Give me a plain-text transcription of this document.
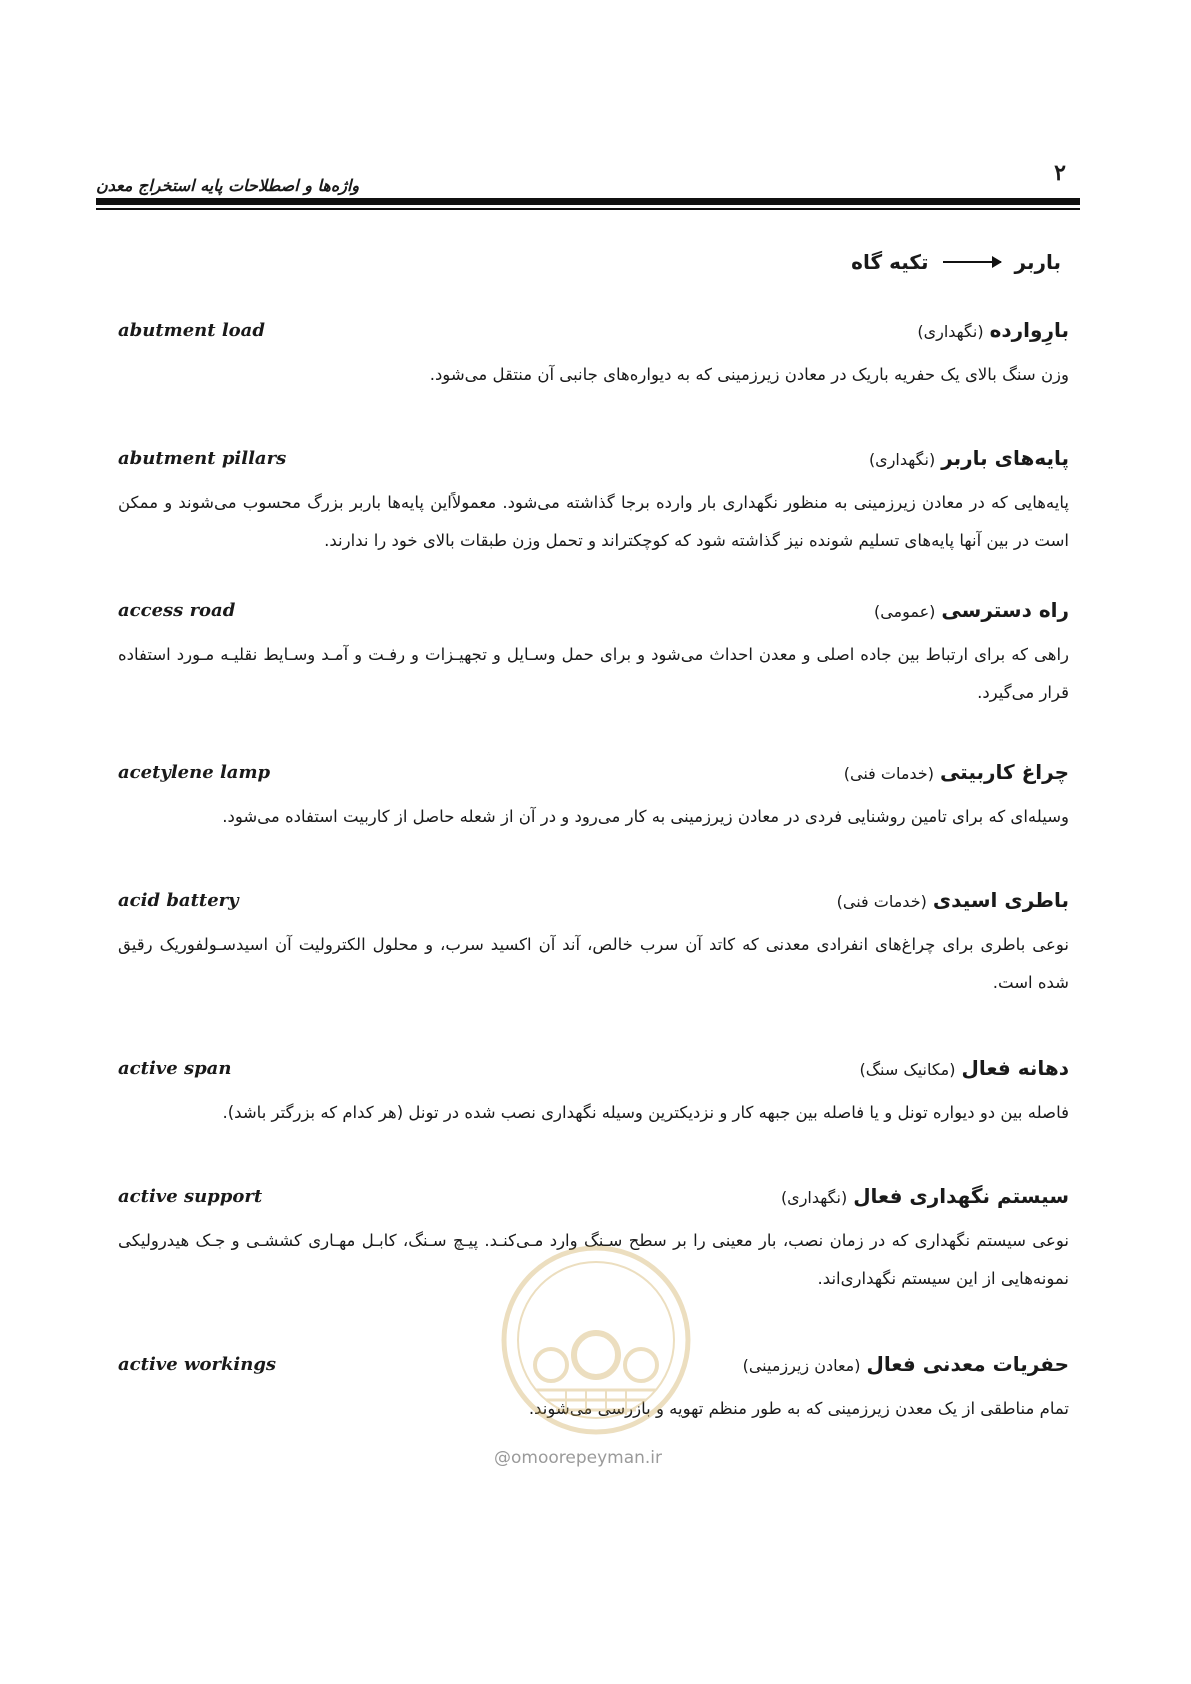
۲
واژه‌ها و اصطلاحات پایه استخراج معدن
باربر
تکیه گاه
بارِوارده(نگهداری)
abutment load
وزن سنگ بالای یک حفریه باریک در معادن زیرزمینی که به دیواره‌های جانبی آن منتقل می‌شود.
پایه‌های باربر(نگهداری)
abutment pillars
پایه‌هایی که در معادن زیرزمینی به منظور نگهداری بار وارده برجا گذاشته می‌شود. معمولاًاین پایه‌ها باربر بزرگ محسوب می‌شوند و ممکن است در بین آنها پایه‌های تسلیم شونده نیز گذاشته شود که کوچکتراند و تحمل وزن طبقات بالای خود را ندارند.
راه دسترسی(عمومی)
access road
راهی که برای ارتباط بین جاده اصلی و معدن احداث می‌شود و برای حمل وسـایل و تجهیـزات و رفـت و آمـد وسـایط نقلیـه مـورد استفاده قرار می‌گیرد.
چراغ کاربیتی(خدمات فنی)
acetylene lamp
وسیله‌ای که برای تامین روشنایی فردی در معادن زیرزمینی به کار می‌رود و در آن از شعله حاصل از کاربیت استفاده می‌شود.
باطری اسیدی(خدمات فنی)
acid battery
نوعی باطری برای چراغ‌های انفرادی معدنی که کاتد آن سرب خالص، آند آن اکسید سرب، و محلول الکترولیت آن اسیدسـولفوریک رقیق شده است.
دهانه فعال(مکانیک سنگ)
active span
فاصله بین دو دیواره تونل و یا فاصله بین جبهه کار و نزدیکترین وسیله نگهداری نصب شده در تونل (هر کدام که بزرگتر باشد).
سیستم نگهداری فعال(نگهداری)
active support
نوعی سیستم نگهداری که در زمان نصب، بار معینی را بر سطح سـنگ وارد مـی‌کنـد. پیـچ سـنگ، کابـل مهـاری کششـی و جـک هیدرولیکی نمونه‌هایی از این سیستم نگهداری‌اند.
حفریات معدنی فعال(معادن زیرزمینی)
active workings
تمام مناطقی از یک معدن زیرزمینی که به طور منظم تهویه و بازرسی می‌شوند.
@omoorepeyman.ir
